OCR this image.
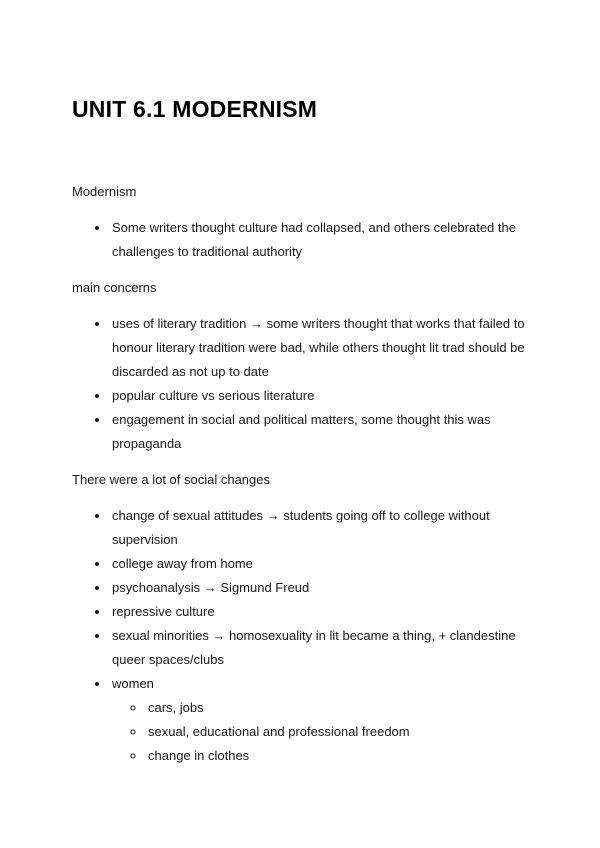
UNIT 6.1 MODERNISM

Modernism

• Some writers thought culture had collapsed, and others celebrated the challenges to traditional authority

main concerns

• uses of literary tradition → some writers thought that works that failed to honour literary tradition were bad, while others thought lit trad should be discarded as not up to date
• popular culture vs serious literature
• engagement in social and political matters, some thought this was propaganda

There were a lot of social changes

• change of sexual attitudes → students going off to college without supervision
• college away from home
• psychoanalysis → Sigmund Freud
• repressive culture
• sexual minorities → homosexuality in lit became a thing, + clandestine queer spaces/clubs
• women
◦ cars, jobs
◦ sexual, educational and professional freedom
◦ change in clothes
